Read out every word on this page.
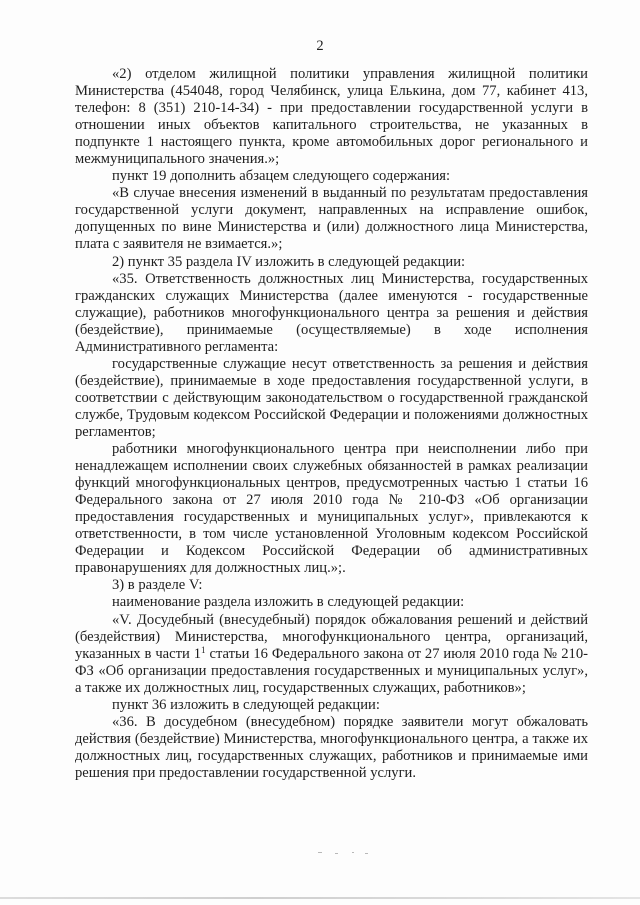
2

«2) отделом жилищной политики управления жилищной политики Министерства (454048, город Челябинск, улица Елькина, дом 77, кабинет 413, телефон: 8 (351) 210-14-34) - при предоставлении государственной услуги в отношении иных объектов капитального строительства, не указанных в подпункте 1 настоящего пункта, кроме автомобильных дорог регионального и межмуниципального значения.»;

пункт 19 дополнить абзацем следующего содержания:

«В случае внесения изменений в выданный по результатам предоставления государственной услуги документ, направленных на исправление ошибок, допущенных по вине Министерства и (или) должностного лица Министерства, плата с заявителя не взимается.»;

2) пункт 35 раздела IV изложить в следующей редакции:

«35. Ответственность должностных лиц Министерства, государственных гражданских служащих Министерства (далее именуются - государственные служащие), работников многофункционального центра за решения и действия (бездействие), принимаемые (осуществляемые) в ходе исполнения Административного регламента:

государственные служащие несут ответственность за решения и действия (бездействие), принимаемые в ходе предоставления государственной услуги, в соответствии с действующим законодательством о государственной гражданской службе, Трудовым кодексом Российской Федерации и положениями должностных регламентов;

работники многофункционального центра при неисполнении либо при ненадлежащем исполнении своих служебных обязанностей в рамках реализации функций многофункциональных центров, предусмотренных частью 1 статьи 16 Федерального закона от 27 июля 2010 года № 210-ФЗ «Об организации предоставления государственных и муниципальных услуг», привлекаются к ответственности, в том числе установленной Уголовным кодексом Российской Федерации и Кодексом Российской Федерации об административных правонарушениях для должностных лиц.»;.

3) в разделе V:

наименование раздела изложить в следующей редакции:

«V. Досудебный (внесудебный) порядок обжалования решений и действий (бездействия) Министерства, многофункционального центра, организаций, указанных в части $1^1$ статьи 16 Федерального закона от 27 июля 2010 года № 210-ФЗ «Об организации предоставления государственных и муниципальных услуг», а также их должностных лиц, государственных служащих, работников»;

пункт 36 изложить в следующей редакции:

«36. В досудебном (внесудебном) порядке заявители могут обжаловать действия (бездействие) Министерства, многофункционального центра, а также их должностных лиц, государственных служащих, работников и принимаемые ими решения при предоставлении государственной услуги.
